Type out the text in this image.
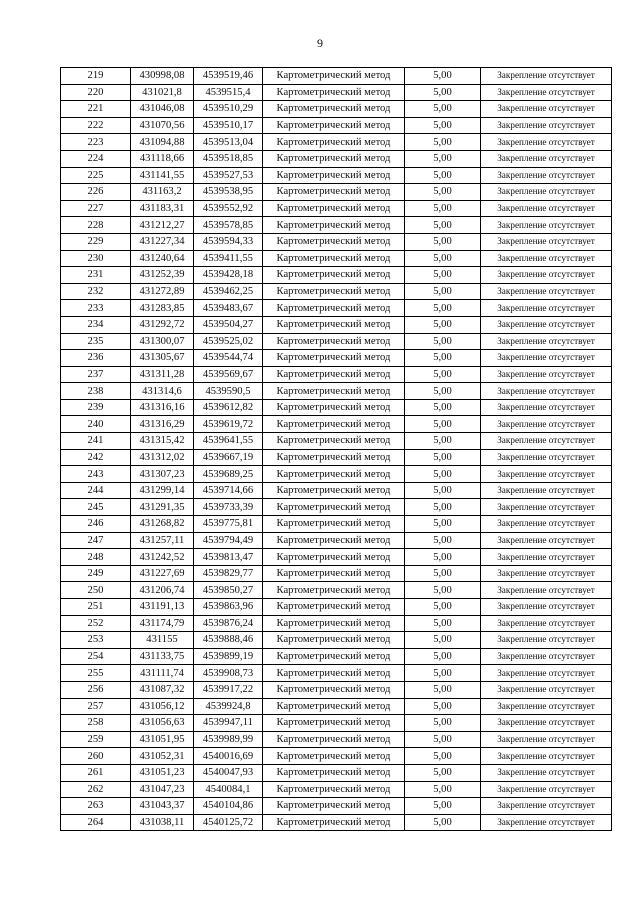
9
219	430998,08	4539519,46	Картометрический метод	5,00	Закрепление отсутствует
220	431021,8	4539515,4	Картометрический метод	5,00	Закрепление отсутствует
221	431046,08	4539510,29	Картометрический метод	5,00	Закрепление отсутствует
222	431070,56	4539510,17	Картометрический метод	5,00	Закрепление отсутствует
223	431094,88	4539513,04	Картометрический метод	5,00	Закрепление отсутствует
224	431118,66	4539518,85	Картометрический метод	5,00	Закрепление отсутствует
225	431141,55	4539527,53	Картометрический метод	5,00	Закрепление отсутствует
226	431163,2	4539538,95	Картометрический метод	5,00	Закрепление отсутствует
227	431183,31	4539552,92	Картометрический метод	5,00	Закрепление отсутствует
228	431212,27	4539578,85	Картометрический метод	5,00	Закрепление отсутствует
229	431227,34	4539594,33	Картометрический метод	5,00	Закрепление отсутствует
230	431240,64	4539411,55	Картометрический метод	5,00	Закрепление отсутствует
231	431252,39	4539428,18	Картометрический метод	5,00	Закрепление отсутствует
232	431272,89	4539462,25	Картометрический метод	5,00	Закрепление отсутствует
233	431283,85	4539483,67	Картометрический метод	5,00	Закрепление отсутствует
234	431292,72	4539504,27	Картометрический метод	5,00	Закрепление отсутствует
235	431300,07	4539525,02	Картометрический метод	5,00	Закрепление отсутствует
236	431305,67	4539544,74	Картометрический метод	5,00	Закрепление отсутствует
237	431311,28	4539569,67	Картометрический метод	5,00	Закрепление отсутствует
238	431314,6	4539590,5	Картометрический метод	5,00	Закрепление отсутствует
239	431316,16	4539612,82	Картометрический метод	5,00	Закрепление отсутствует
240	431316,29	4539619,72	Картометрический метод	5,00	Закрепление отсутствует
241	431315,42	4539641,55	Картометрический метод	5,00	Закрепление отсутствует
242	431312,02	4539667,19	Картометрический метод	5,00	Закрепление отсутствует
243	431307,23	4539689,25	Картометрический метод	5,00	Закрепление отсутствует
244	431299,14	4539714,66	Картометрический метод	5,00	Закрепление отсутствует
245	431291,35	4539733,39	Картометрический метод	5,00	Закрепление отсутствует
246	431268,82	4539775,81	Картометрический метод	5,00	Закрепление отсутствует
247	431257,11	4539794,49	Картометрический метод	5,00	Закрепление отсутствует
248	431242,52	4539813,47	Картометрический метод	5,00	Закрепление отсутствует
249	431227,69	4539829,77	Картометрический метод	5,00	Закрепление отсутствует
250	431206,74	4539850,27	Картометрический метод	5,00	Закрепление отсутствует
251	431191,13	4539863,96	Картометрический метод	5,00	Закрепление отсутствует
252	431174,79	4539876,24	Картометрический метод	5,00	Закрепление отсутствует
253	431155	4539888,46	Картометрический метод	5,00	Закрепление отсутствует
254	431133,75	4539899,19	Картометрический метод	5,00	Закрепление отсутствует
255	431111,74	4539908,73	Картометрический метод	5,00	Закрепление отсутствует
256	431087,32	4539917,22	Картометрический метод	5,00	Закрепление отсутствует
257	431056,12	4539924,8	Картометрический метод	5,00	Закрепление отсутствует
258	431056,63	4539947,11	Картометрический метод	5,00	Закрепление отсутствует
259	431051,95	4539989,99	Картометрический метод	5,00	Закрепление отсутствует
260	431052,31	4540016,69	Картометрический метод	5,00	Закрепление отсутствует
261	431051,23	4540047,93	Картометрический метод	5,00	Закрепление отсутствует
262	431047,23	4540084,1	Картометрический метод	5,00	Закрепление отсутствует
263	431043,37	4540104,86	Картометрический метод	5,00	Закрепление отсутствует
264	431038,11	4540125,72	Картометрический метод	5,00	Закрепление отсутствует
